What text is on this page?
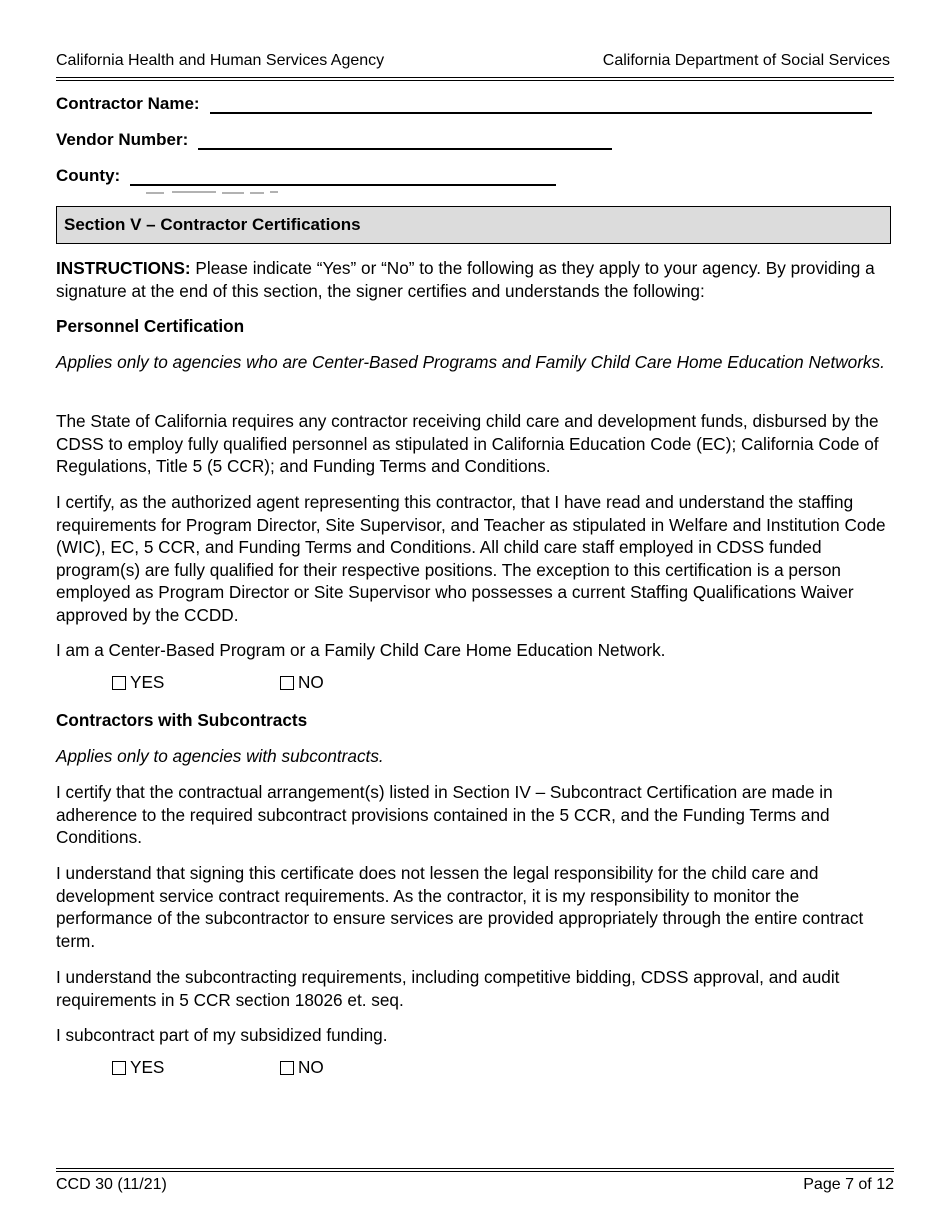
California Health and Human Services Agency	California Department of Social Services
Contractor Name:
Vendor Number:
County:
Section V – Contractor Certifications
INSTRUCTIONS: Please indicate “Yes” or “No” to the following as they apply to your agency. By providing a signature at the end of this section, the signer certifies and understands the following:
Personnel Certification
Applies only to agencies who are Center-Based Programs and Family Child Care Home Education Networks.
The State of California requires any contractor receiving child care and development funds, disbursed by the CDSS to employ fully qualified personnel as stipulated in California Education Code (EC); California Code of Regulations, Title 5 (5 CCR); and Funding Terms and Conditions.
I certify, as the authorized agent representing this contractor, that I have read and understand the staffing requirements for Program Director, Site Supervisor, and Teacher as stipulated in Welfare and Institution Code (WIC), EC, 5 CCR, and Funding Terms and Conditions. All child care staff employed in CDSS funded program(s) are fully qualified for their respective positions. The exception to this certification is a person employed as Program Director or Site Supervisor who possesses a current Staffing Qualifications Waiver approved by the CCDD.
I am a Center-Based Program or a Family Child Care Home Education Network.
YES	NO
Contractors with Subcontracts
Applies only to agencies with subcontracts.
I certify that the contractual arrangement(s) listed in Section IV – Subcontract Certification are made in adherence to the required subcontract provisions contained in the 5 CCR, and the Funding Terms and Conditions.
I understand that signing this certificate does not lessen the legal responsibility for the child care and development service contract requirements. As the contractor, it is my responsibility to monitor the performance of the subcontractor to ensure services are provided appropriately through the entire contract term.
I understand the subcontracting requirements, including competitive bidding, CDSS approval, and audit requirements in 5 CCR section 18026 et. seq.
I subcontract part of my subsidized funding.
YES	NO
CCD 30 (11/21)	Page 7 of 12
